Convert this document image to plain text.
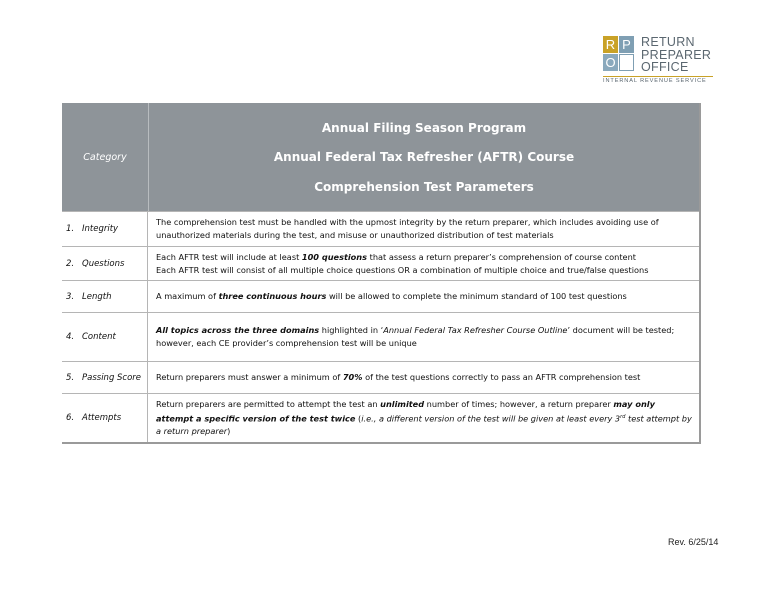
R P
O
RETURN
PREPARER
OFFICE
INTERNAL REVENUE SERVICE
Category
Annual Filing Season Program
Annual Federal Tax Refresher (AFTR) Course
Comprehension Test Parameters
1. Integrity
The comprehension test must be handled with the upmost integrity by the return preparer, which includes avoiding use of
unauthorized materials during the test, and misuse or unauthorized distribution of test materials
2. Questions
Each AFTR test will include at least 100 questions that assess a return preparer’s comprehension of course content
Each AFTR test will consist of all multiple choice questions OR a combination of multiple choice and true/false questions
3. Length	A maximum of three continuous hours will be allowed to complete the minimum standard of 100 test questions
4. Content
All topics across the three domains highlighted in ‘Annual Federal Tax Refresher Course Outline’ document will be tested;
however, each CE provider’s comprehension test will be unique
5. Passing Score Return preparers must answer a minimum of 70% of the test questions correctly to pass an AFTR comprehension test
6. Attempts
Return preparers are permitted to attempt the test an unlimited number of times; however, a return preparer may only
attempt a specific version of the test twice (i.e., a different version of the test will be given at least every 3rd test attempt by
a return preparer)
Rev. 6/25/14
